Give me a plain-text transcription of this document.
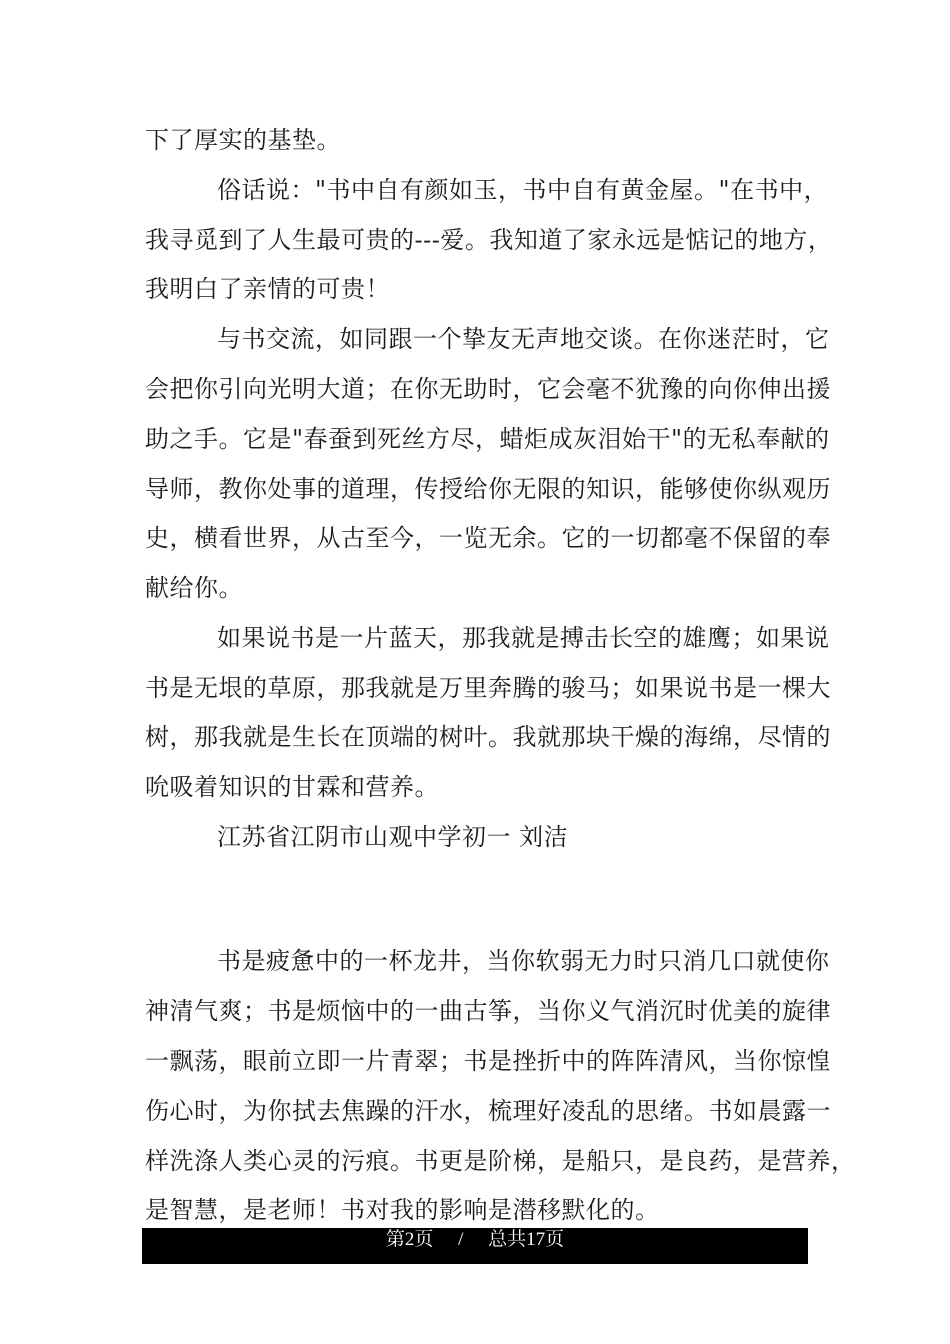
下了厚实的基垫。
俗话说："书中自有颜如玉，书中自有黄金屋。"在书中，
我寻觅到了人生最可贵的---爱。我知道了家永远是惦记的地方，
我明白了亲情的可贵！
与书交流，如同跟一个挚友无声地交谈。在你迷茫时，它
会把你引向光明大道；在你无助时，它会毫不犹豫的向你伸出援
助之手。它是"春蚕到死丝方尽，蜡炬成灰泪始干"的无私奉献的
导师，教你处事的道理，传授给你无限的知识，能够使你纵观历
史，横看世界，从古至今，一览无余。它的一切都毫不保留的奉
献给你。
如果说书是一片蓝天，那我就是搏击长空的雄鹰；如果说
书是无垠的草原，那我就是万里奔腾的骏马；如果说书是一棵大
树，那我就是生长在顶端的树叶。我就那块干燥的海绵，尽情的
吮吸着知识的甘霖和营养。
江苏省江阴市山观中学初一 刘洁
书是疲惫中的一杯龙井，当你软弱无力时只消几口就使你
神清气爽；书是烦恼中的一曲古筝，当你义气消沉时优美的旋律
一飘荡，眼前立即一片青翠；书是挫折中的阵阵清风，当你惊惶
伤心时，为你拭去焦躁的汗水，梳理好凌乱的思绪。书如晨露一
样洗涤人类心灵的污痕。书更是阶梯，是船只，是良药，是营养，
是智慧，是老师！书对我的影响是潜移默化的。
第2页 / 总共17页
